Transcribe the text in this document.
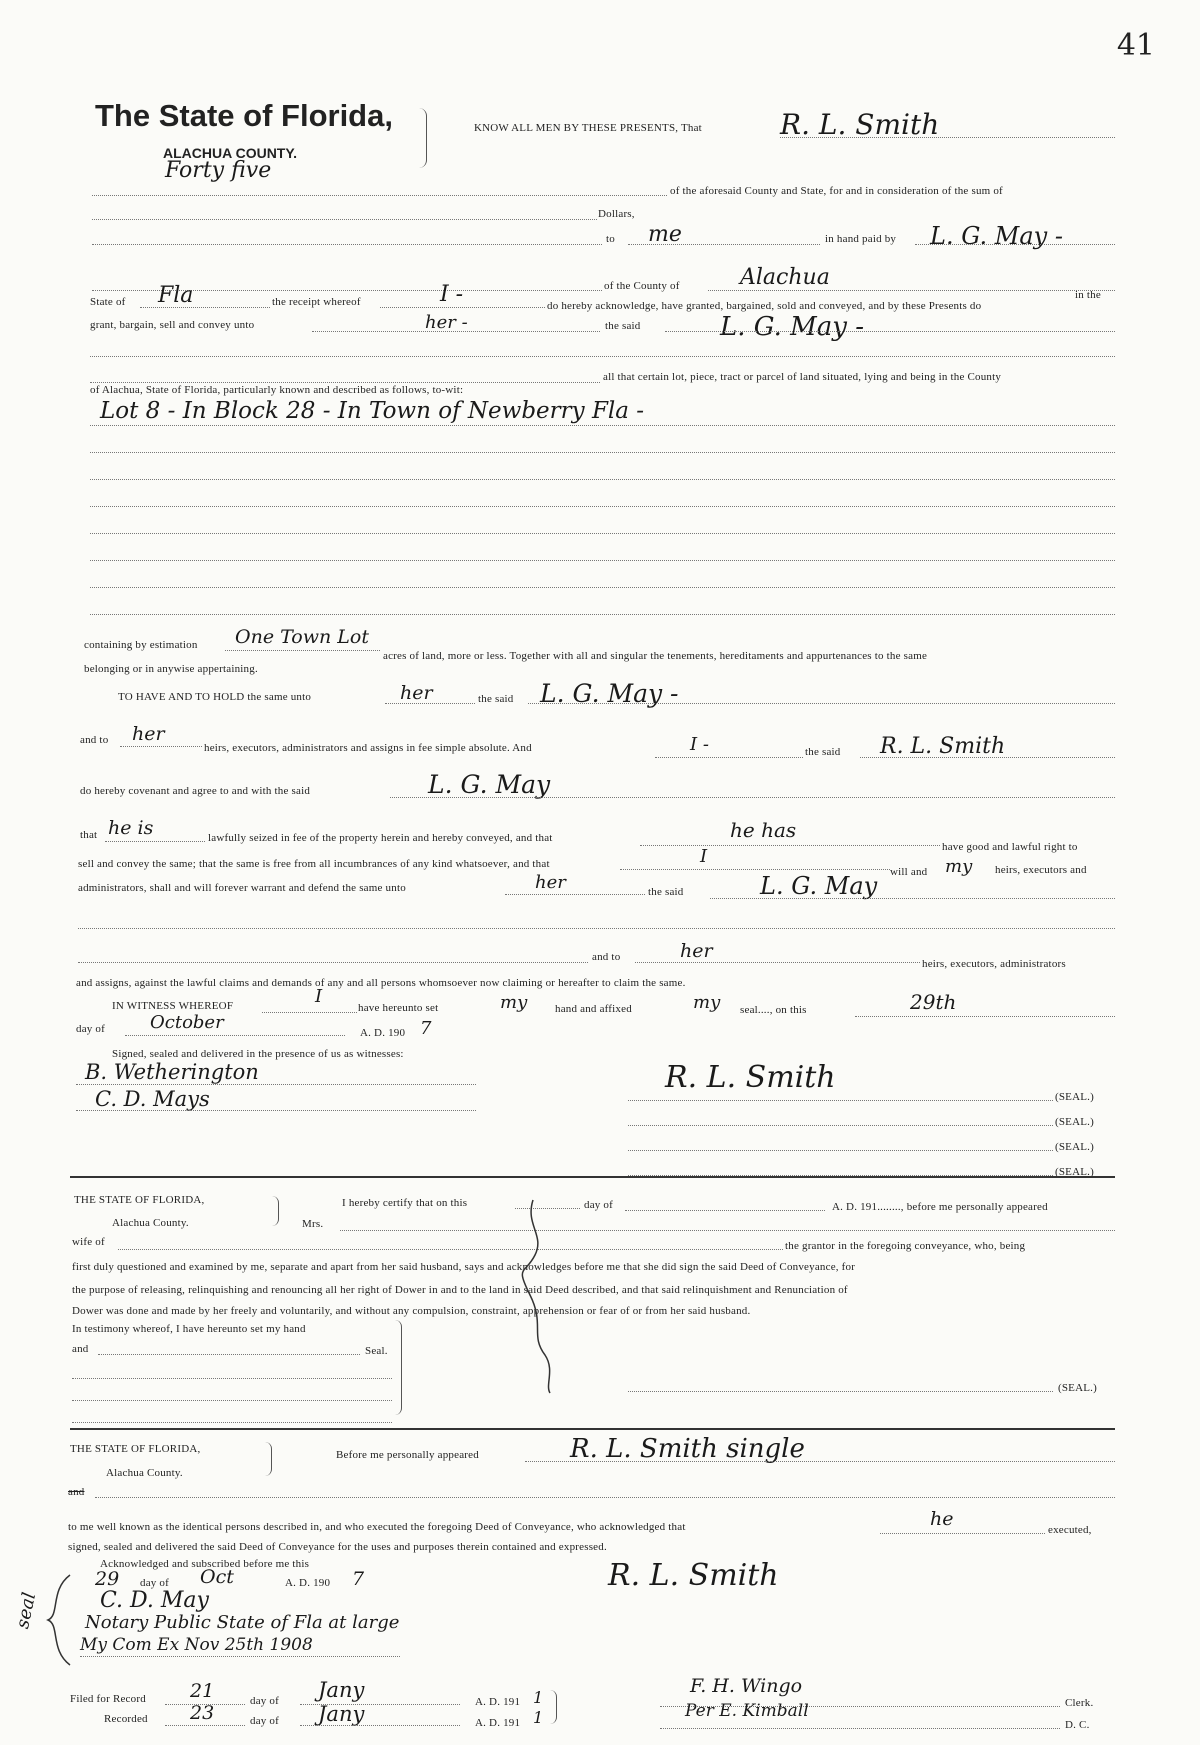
41
The State of Florida,
ALACHUA COUNTY.
KNOW ALL MEN BY THESE PRESENTS, That	R. L. Smith
Forty five
of the aforesaid County and State, for and in consideration of the sum of
Dollars,
to me	in hand paid by L. G. May -
of the County of	Alachua
State of Fla	the receipt whereof	I -	do hereby acknowledge, have granted, bargained, sold and conveyed, and by these Presents do
in the
grant, bargain, sell and convey unto	her -	the said	L. G. May -
all that certain lot, piece, tract or parcel of land situated, lying and being in the County
of Alachua, State of Florida, particularly known and described as follows, to-wit:
Lot 8 - In Block 28 - In Town of Newberry Fla -
containing by estimation One Town Lot
acres of land, more or less. Together with all and singular the tenements, hereditaments and appurtenances to the same
belonging or in anywise appertaining.
TO HAVE AND TO HOLD the same unto	her	the said L. G. May -
and to her
heirs, executors, administrators and assigns in fee simple absolute. And	I -	the said R. L. Smith
do hereby covenant and agree to and with the said	L. G. May
that he is	lawfully seized in fee of the property herein and hereby conveyed, and that	he has
have good and lawful right to
sell and convey the same; that the same is free from all incumbrances of any kind whatsoever, and that	I
will and my heirs, executors and
administrators, shall and will forever warrant and defend the same unto	her	the said	L. G. May
and to	her
heirs, executors, administrators
and assigns, against the lawful claims and demands of any and all persons whomsoever now claiming or hereafter to claim the same.
IN WITNESS WHEREOF	I
have hereunto set	my	hand and affixed	my seal...., on this	29th
day of	October	A. D. 190 7
Signed, sealed and delivered in the presence of us as witnesses:
B. Wetherington
C. D. Mays
R. L. Smith
(SEAL.)
(SEAL.)
(SEAL.)
(SEAL.)
THE STATE OF FLORIDA,
Alachua County.
I hereby certify that on this	day of	A. D. 191........, before me personally appeared
Mrs.
wife of	the grantor in the foregoing conveyance, who, being
first duly questioned and examined by me, separate and apart from her said husband, says and acknowledges before me that she did sign the said Deed of Conveyance, for
the purpose of releasing, relinquishing and renouncing all her right of Dower in and to the land in said Deed described, and that said relinquishment and Renunciation of
Dower was done and made by her freely and voluntarily, and without any compulsion, constraint, apprehension or fear of or from her said husband.
In testimony whereof, I have hereunto set my hand
and	Seal.
(SEAL.)
THE STATE OF FLORIDA,
Alachua County.
Before me personally appeared	R. L. Smith single
and
to me well known as the identical persons described in, and who executed the foregoing Deed of Conveyance, who acknowledged that	he	executed,
signed, sealed and delivered the said Deed of Conveyance for the uses and purposes therein contained and expressed.
Acknowledged and subscribed before me this
29 day of Oct	A. D. 190 7
C. D. May
Notary Public State of Fla at large
My Com Ex Nov 25th 1908
seal
R. L. Smith
Filed for Record 21	day of Jany	A. D. 191 1
Recorded 23	day of Jany	A. D. 191 1
F. H. Wingo
Clerk.
Per E. Kimball
D. C.
